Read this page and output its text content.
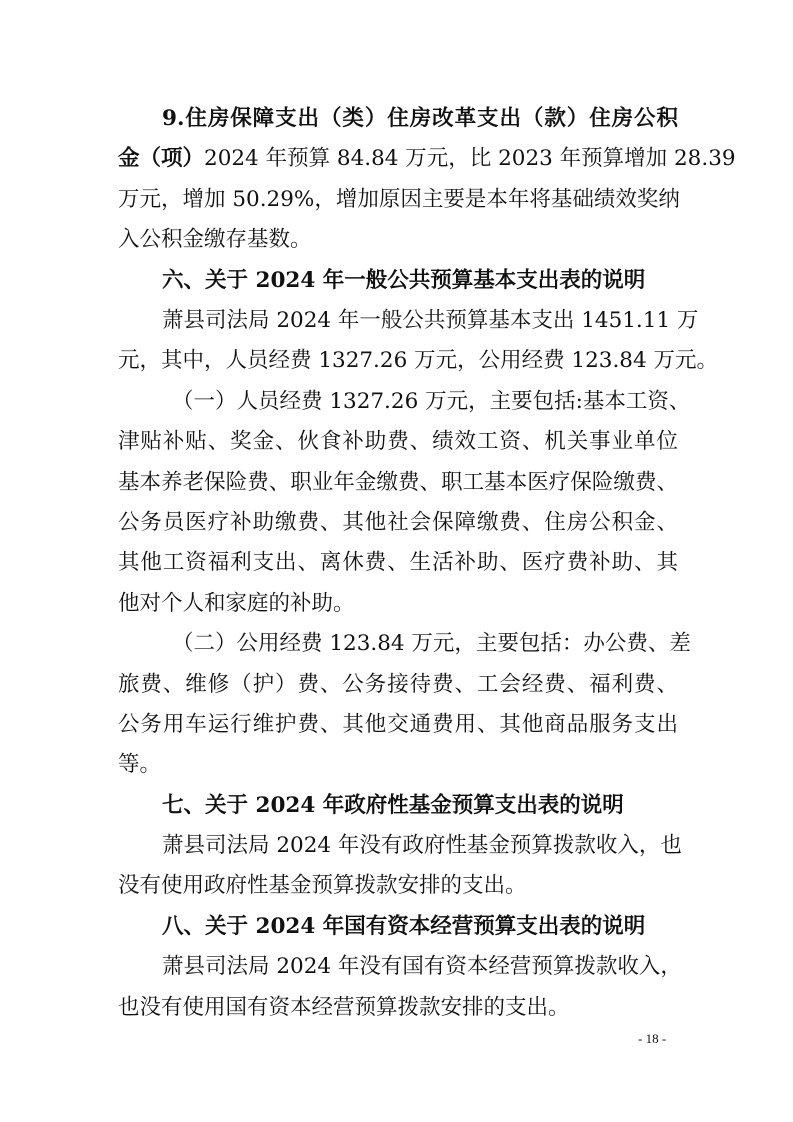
9.住房保障支出（类）住房改革支出（款）住房公积
金（项）2024 年预算 84.84 万元，比 2023 年预算增加 28.39
万元，增加 50.29%，增加原因主要是本年将基础绩效奖纳
入公积金缴存基数。
六、关于 2024 年一般公共预算基本支出表的说明
萧县司法局 2024 年一般公共预算基本支出 1451.11 万
元，其中，人员经费 1327.26 万元，公用经费 123.84 万元。
（一）人员经费 1327.26 万元，主要包括:基本工资、
津贴补贴、奖金、伙食补助费、绩效工资、机关事业单位
基本养老保险费、职业年金缴费、职工基本医疗保险缴费、
公务员医疗补助缴费、其他社会保障缴费、住房公积金、
其他工资福利支出、离休费、生活补助、医疗费补助、其
他对个人和家庭的补助。
（二）公用经费 123.84 万元，主要包括：办公费、差
旅费、维修（护）费、公务接待费、工会经费、福利费、
公务用车运行维护费、其他交通费用、其他商品服务支出
等。
七、关于 2024 年政府性基金预算支出表的说明
萧县司法局 2024 年没有政府性基金预算拨款收入，也
没有使用政府性基金预算拨款安排的支出。
八、关于 2024 年国有资本经营预算支出表的说明
萧县司法局 2024 年没有国有资本经营预算拨款收入，
也没有使用国有资本经营预算拨款安排的支出。
- 18 -
